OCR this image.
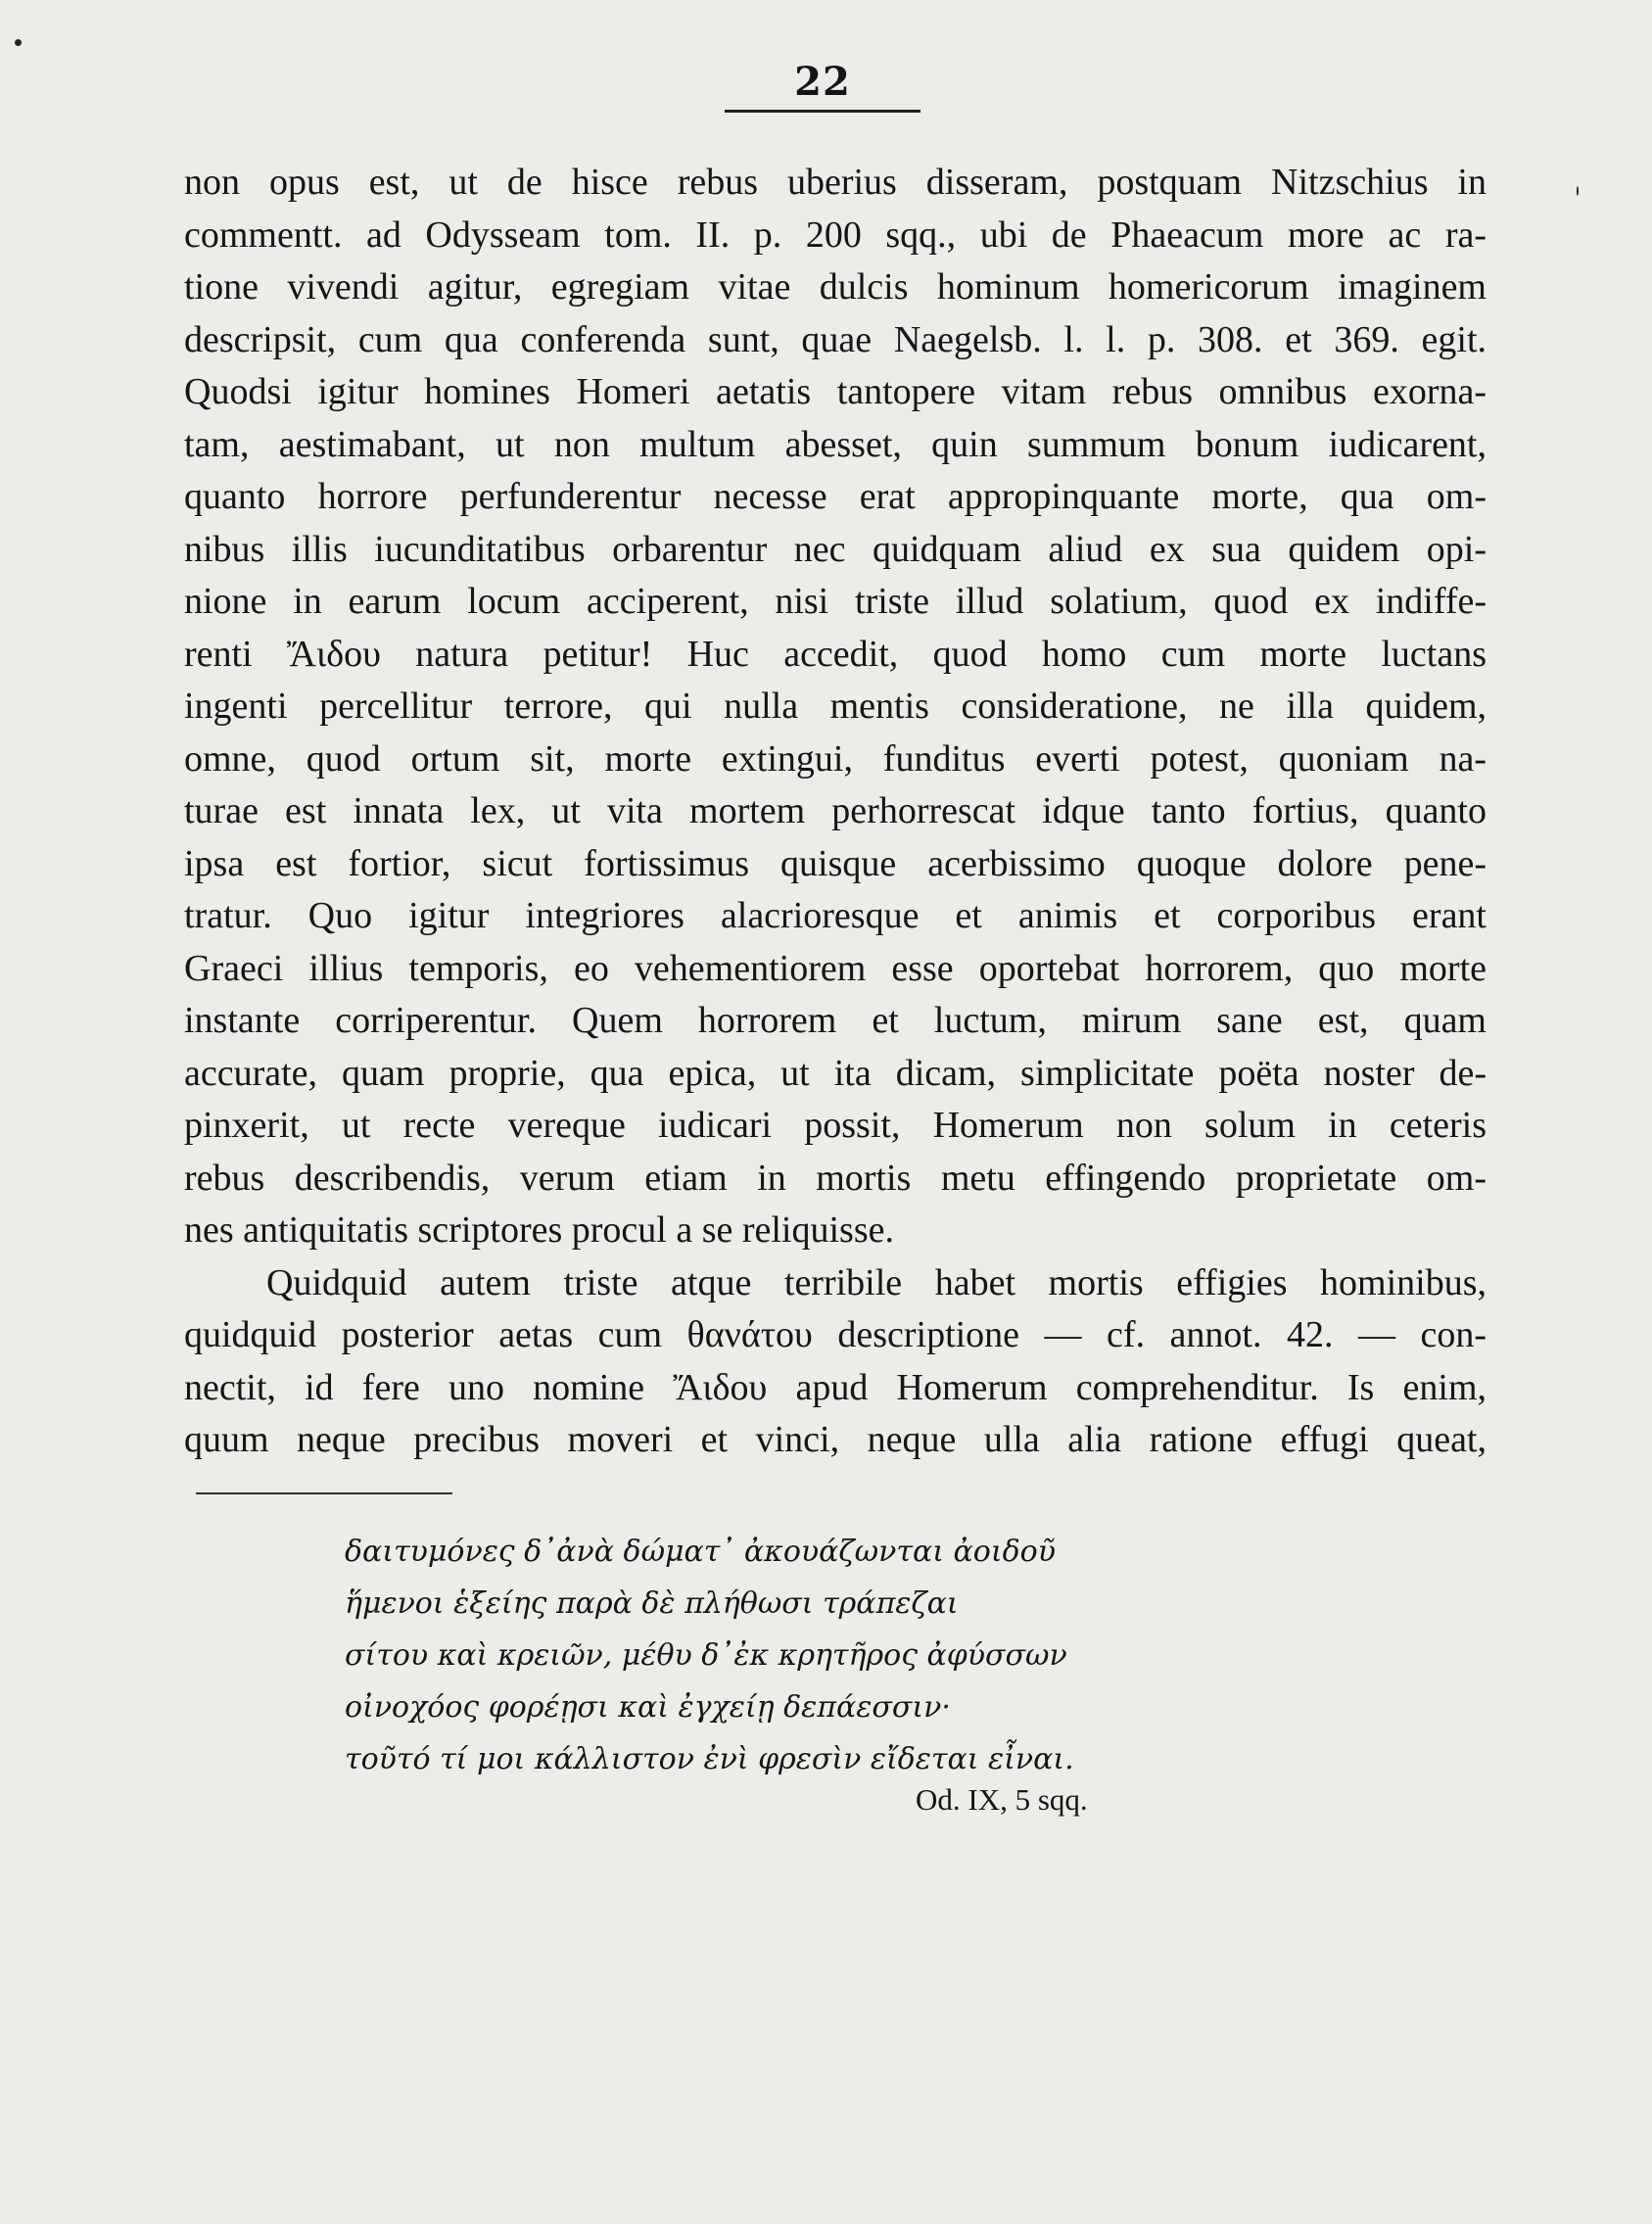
22
non opus est, ut de hisce rebus uberius disseram, postquam Nitzschius in
commentt. ad Odysseam tom. II. p. 200 sqq., ubi de Phaeacum more ac ra-
tione vivendi agitur, egregiam vitae dulcis hominum homericorum imaginem
descripsit, cum qua conferenda sunt, quae Naegelsb. l. l. p. 308. et 369. egit.
Quodsi igitur homines Homeri aetatis tantopere vitam rebus omnibus exorna-
tam, aestimabant, ut non multum abesset, quin summum bonum iudicarent,
quanto horrore perfunderentur necesse erat appropinquante morte, qua om-
nibus illis iucunditatibus orbarentur nec quidquam aliud ex sua quidem opi-
nione in earum locum acciperent, nisi triste illud solatium, quod ex indiffe-
renti Ἄιδου natura petitur! Huc accedit, quod homo cum morte luctans
ingenti percellitur terrore, qui nulla mentis consideratione, ne illa quidem,
omne, quod ortum sit, morte extingui, funditus everti potest, quoniam na-
turae est innata lex, ut vita mortem perhorrescat idque tanto fortius, quanto
ipsa est fortior, sicut fortissimus quisque acerbissimo quoque dolore pene-
tratur. Quo igitur integriores alacrioresque et animis et corporibus erant
Graeci illius temporis, eo vehementiorem esse oportebat horrorem, quo morte
instante corriperentur. Quem horrorem et luctum, mirum sane est, quam
accurate, quam proprie, qua epica, ut ita dicam, simplicitate poëta noster de-
pinxerit, ut recte vereque iudicari possit, Homerum non solum in ceteris
rebus describendis, verum etiam in mortis metu effingendo proprietate om-
nes antiquitatis scriptores procul a se reliquisse.
Quidquid autem triste atque terribile habet mortis effigies hominibus,
quidquid posterior aetas cum θανάτου descriptione — cf. annot. 42. — con-
nectit, id fere uno nomine Ἄιδου apud Homerum comprehenditur. Is enim,
quum neque precibus moveri et vinci, neque ulla alia ratione effugi queat,
δαιτυμόνες δ᾽ἀνὰ δώματ᾽ ἀκουάζωνται ἀοιδοῦ
ἥμενοι ἑξείης παρὰ δὲ πλήθωσι τράπεζαι
σίτου καὶ κρειῶν, μέθυ δ᾽ἐκ κρητῆρος ἀφύσσων
οἰνοχόος φορέῃσι καὶ ἐγχείῃ δεπάεσσιν·
τοῦτό τί μοι κάλλιστον ἐνὶ φρεσὶν εἴδεται εἶναι.
Od. IX, 5 sqq.
